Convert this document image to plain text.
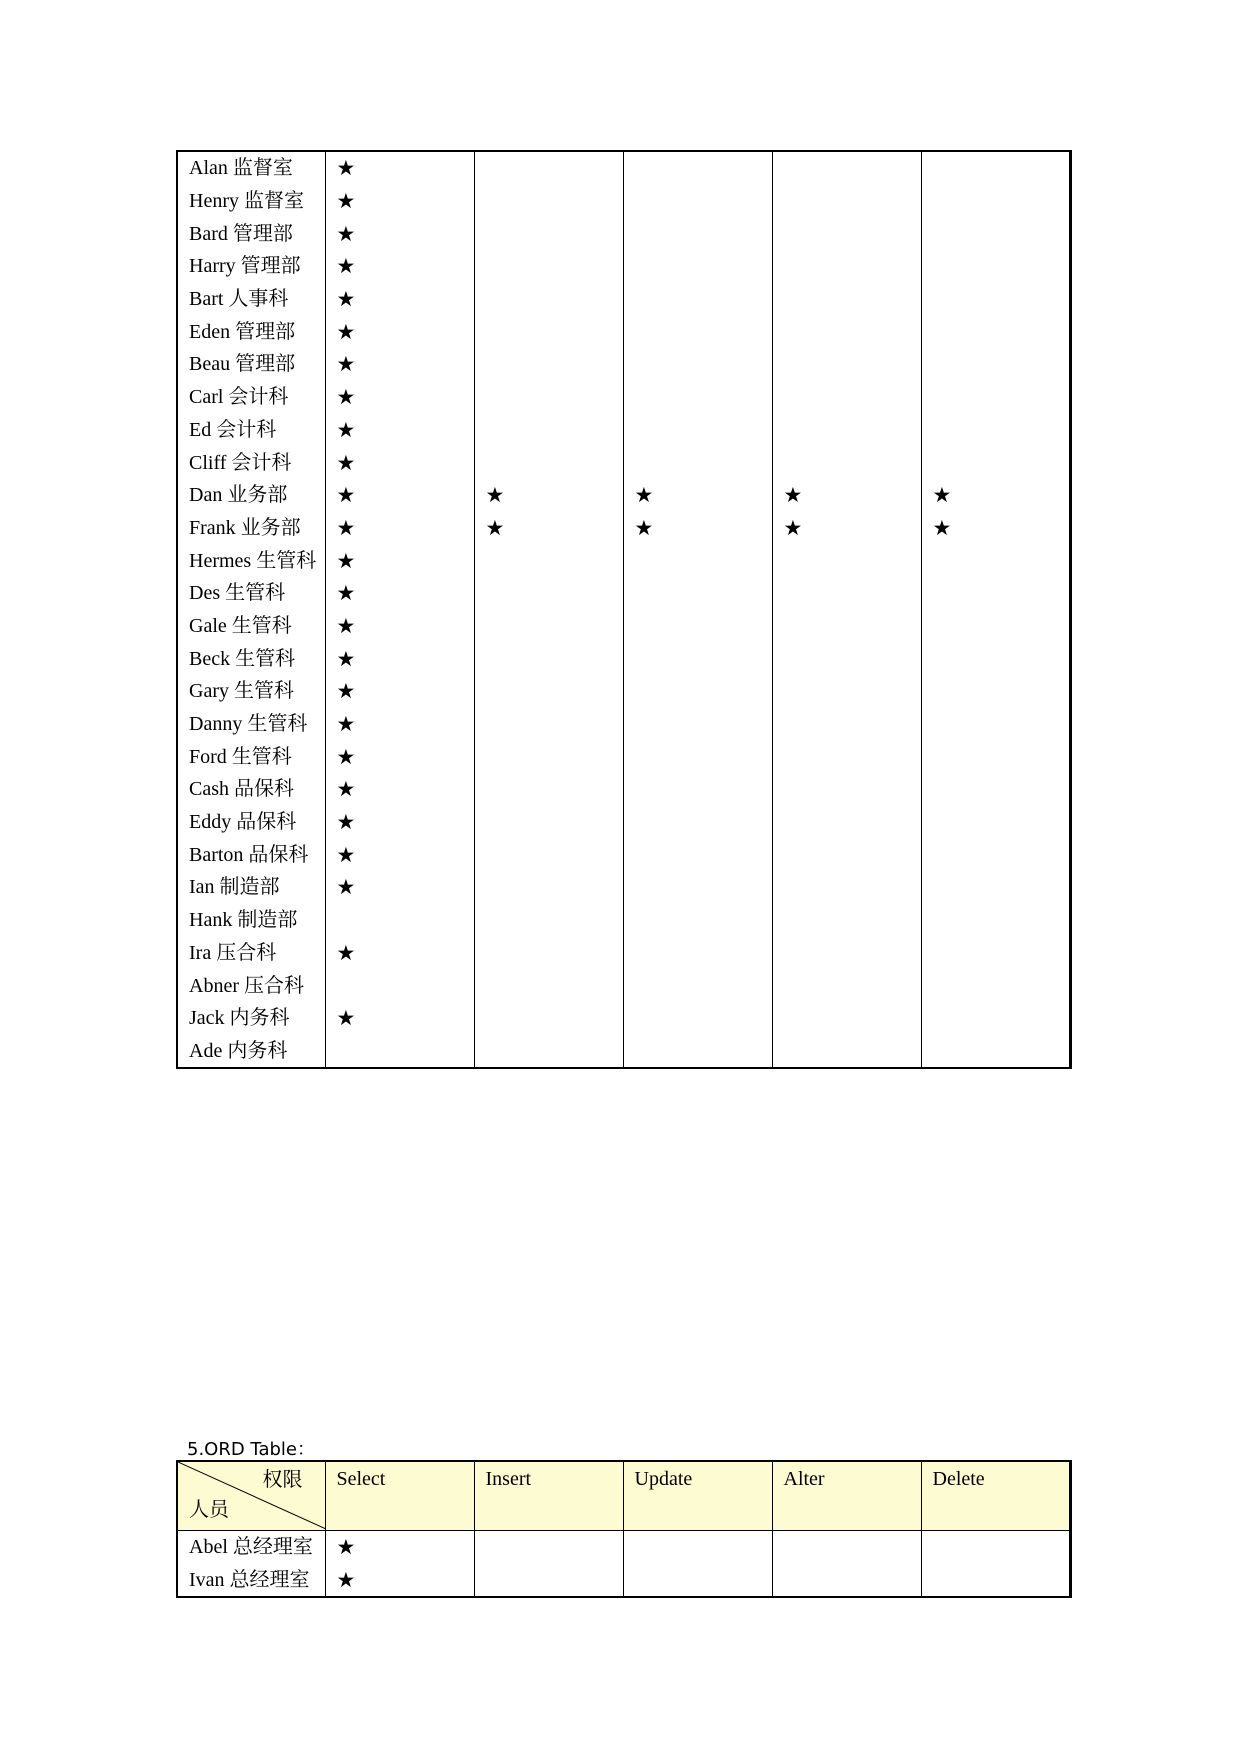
Alan 监督室	★				
Henry 监督室	★				
Bard 管理部	★				
Harry 管理部	★				
Bart 人事科	★				
Eden 管理部	★				
Beau 管理部	★				
Carl 会计科	★				
Ed 会计科	★				
Cliff 会计科	★				
Dan 业务部	★	★	★	★	★
Frank 业务部	★	★	★	★	★
Hermes 生管科	★				
Des 生管科	★				
Gale 生管科	★				
Beck 生管科	★				
Gary 生管科	★				
Danny 生管科	★				
Ford 生管科	★				
Cash 品保科	★				
Eddy 品保科	★				
Barton 品保科	★				
Ian 制造部	★				
Hank 制造部					
Ira 压合科	★				
Abner 压合科					
Jack 内务科	★				
Ade 内务科					
5.ORD Table：
权限
人员	Select	Insert	Update	Alter	Delete
Abel 总经理室	★				
Ivan 总经理室	★				
